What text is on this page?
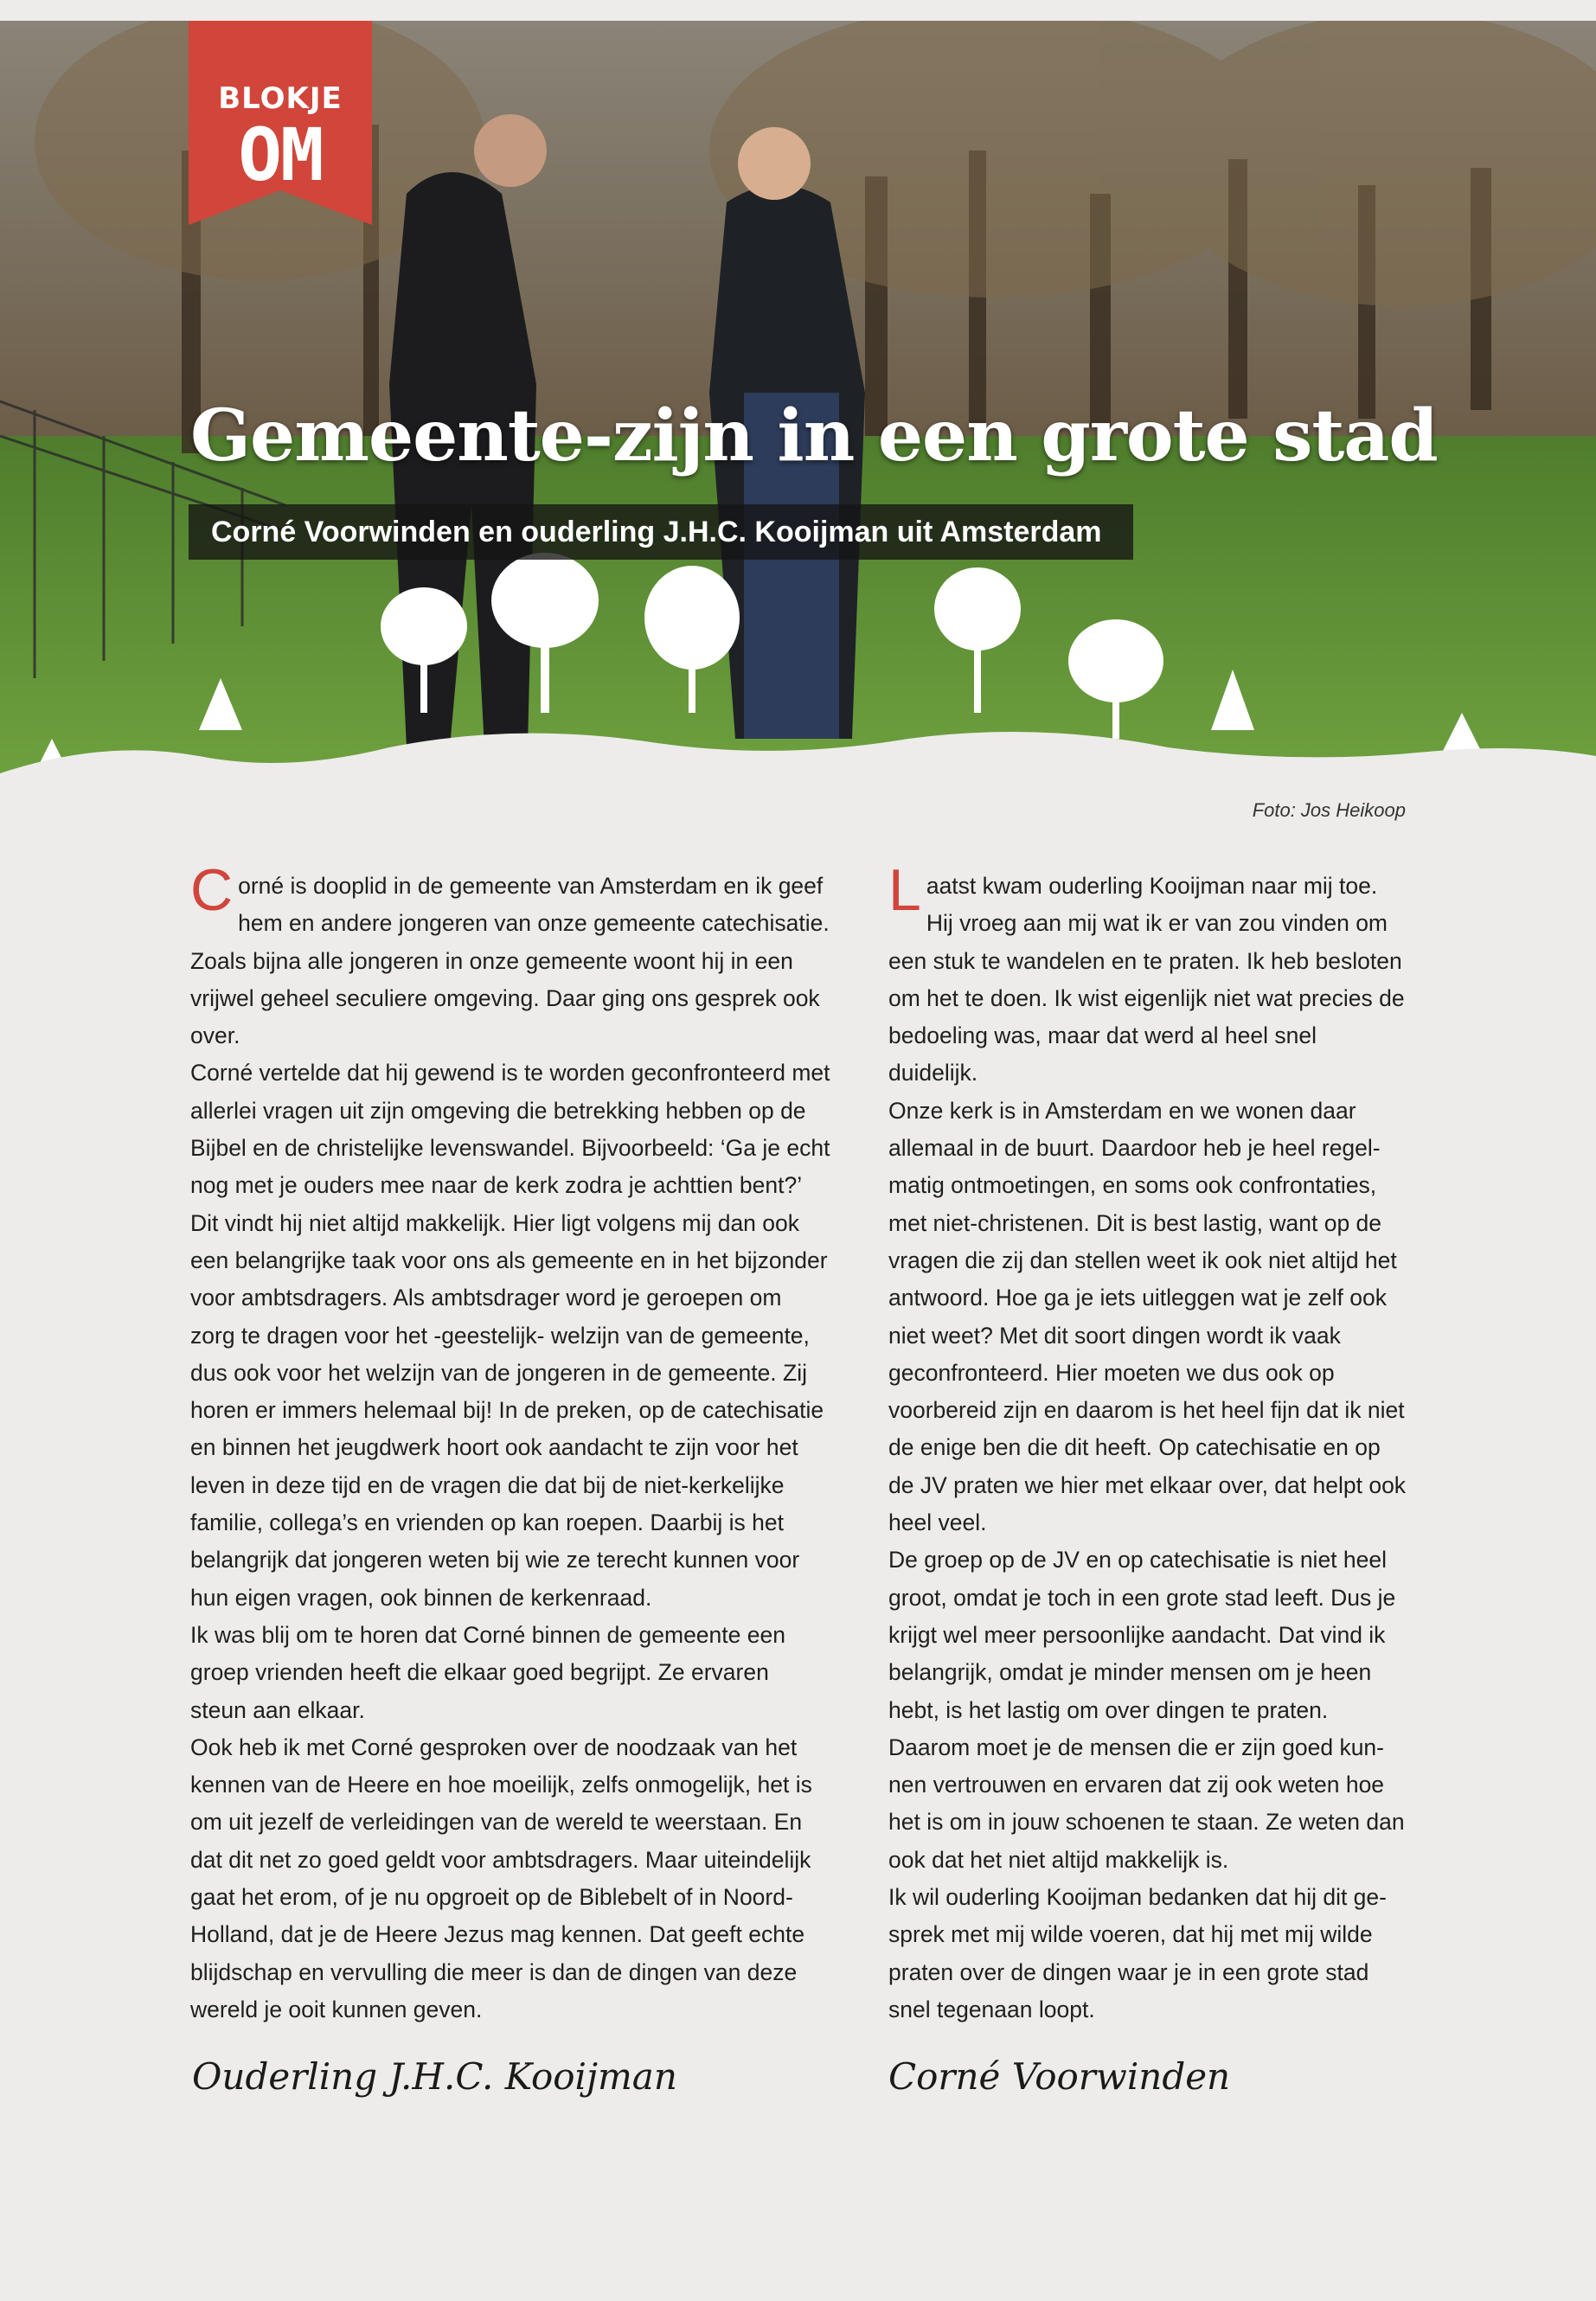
BLOKJE
OM
Gemeente-zijn in een grote stad
Corné Voorwinden en ouderling J.H.C. Kooijman uit Amsterdam
Foto: Jos Heikoop

Corné is dooplid in de gemeente van Amsterdam en ik geef hem en andere jongeren van onze gemeente catechisatie. Zoals bijna alle jongeren in onze gemeente woont hij in een vrijwel geheel seculiere omgeving. Daar ging ons gesprek ook over.

Corné vertelde dat hij gewend is te worden geconfronteerd met allerlei vragen uit zijn omgeving die betrekking hebben op de Bijbel en de christelijke levenswandel. Bijvoorbeeld: ‘Ga je echt nog met je ouders mee naar de kerk zodra je achttien bent?’ Dit vindt hij niet altijd makkelijk. Hier ligt volgens mij dan ook een belangrijke taak voor ons als gemeente en in het bijzonder voor ambtsdragers. Als ambtsdrager word je geroepen om zorg te dragen voor het -geestelijk- welzijn van de gemeente, dus ook voor het welzijn van de jongeren in de gemeente. Zij horen er immers helemaal bij! In de preken, op de catechisatie en binnen het jeugdwerk hoort ook aandacht te zijn voor het leven in deze tijd en de vragen die dat bij de niet-kerkelijke familie, collega’s en vrienden op kan roepen. Daarbij is het belangrijk dat jongeren weten bij wie ze terecht kunnen voor hun eigen vragen, ook binnen de kerkenraad.

Ik was blij om te horen dat Corné binnen de gemeente een groep vrienden heeft die elkaar goed begrijpt. Ze ervaren steun aan elkaar.

Ook heb ik met Corné gesproken over de noodzaak van het kennen van de Heere en hoe moeilijk, zelfs onmogelijk, het is om uit jezelf de verleidingen van de wereld te weerstaan. En dat dit net zo goed geldt voor ambtsdragers. Maar uiteindelijk gaat het erom, of je nu opgroeit op de Biblebelt of in Noord-Holland, dat je de Heere Jezus mag kennen. Dat geeft echte blijdschap en vervulling die meer is dan de dingen van deze wereld je ooit kunnen geven.

Laatst kwam ouderling Kooijman naar mij toe. Hij vroeg aan mij wat ik er van zou vinden om een stuk te wandelen en te praten. Ik heb besloten om het te doen. Ik wist eigenlijk niet wat precies de bedoeling was, maar dat werd al heel snel duidelijk.

Onze kerk is in Amsterdam en we wonen daar allemaal in de buurt. Daardoor heb je heel regel-matig ontmoetingen, en soms ook confrontaties, met niet-christenen. Dit is best lastig, want op de vragen die zij dan stellen weet ik ook niet altijd het antwoord. Hoe ga je iets uitleggen wat je zelf ook niet weet? Met dit soort dingen wordt ik vaak geconfronteerd. Hier moeten we dus ook op voorbereid zijn en daarom is het heel fijn dat ik niet de enige ben die dit heeft. Op catechisatie en op de JV praten we hier met elkaar over, dat helpt ook heel veel.

De groep op de JV en op catechisatie is niet heel groot, omdat je toch in een grote stad leeft. Dus je krijgt wel meer persoonlijke aandacht. Dat vind ik belangrijk, omdat je minder mensen om je heen hebt, is het lastig om over dingen te praten. Daarom moet je de mensen die er zijn goed kun-nen vertrouwen en ervaren dat zij ook weten hoe het is om in jouw schoenen te staan. Ze weten dan ook dat het niet altijd makkelijk is.

Ik wil ouderling Kooijman bedanken dat hij dit ge-sprek met mij wilde voeren, dat hij met mij wilde praten over de dingen waar je in een grote stad snel tegenaan loopt.

Ouderling J.H.C. Kooijman	Corné Voorwinden
